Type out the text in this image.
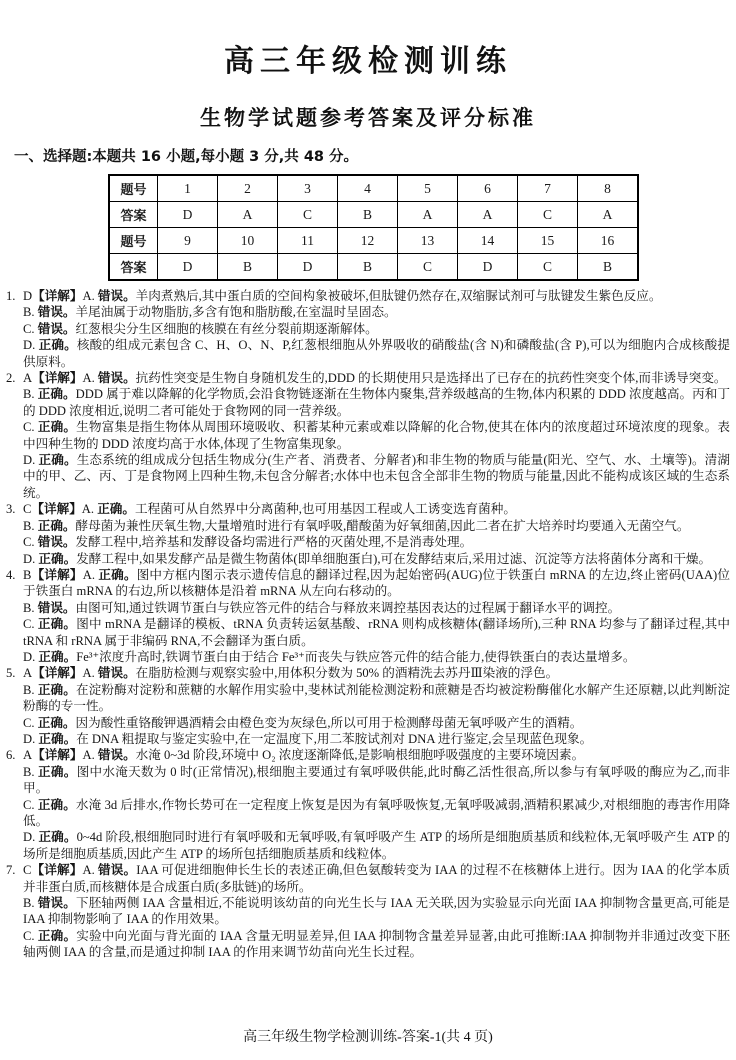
高三年级检测训练
生物学试题参考答案及评分标准
一、选择题:本题共 16 小题,每小题 3 分,共 48 分。
题号	1	2	3	4	5	6	7	8
答案	D	A	C	B	A	A	C	A
题号	9	10	11	12	13	14	15	16
答案	D	B	D	B	C	D	C	B

1. D【详解】A. 错误。羊肉煮熟后,其中蛋白质的空间构象被破坏,但肽键仍然存在,双缩脲试剂可与肽键发生紫色反应。

B. 错误。羊尾油属于动物脂肪,多含有饱和脂肪酸,在室温时呈固态。

C. 错误。红葱根尖分生区细胞的核膜在有丝分裂前期逐渐解体。

D. 正确。核酸的组成元素包含 C、H、O、N、P,红葱根细胞从外界吸收的硝酸盐(含 N)和磷酸盐(含 P),可以为细胞内合成核酸提供原料。

2. A【详解】A. 错误。抗药性突变是生物自身随机发生的,DDD 的长期使用只是选择出了已存在的抗药性突变个体,而非诱导突变。

B. 正确。DDD 属于难以降解的化学物质,会沿食物链逐渐在生物体内聚集,营养级越高的生物,体内积累的 DDD 浓度越高。丙和丁的 DDD 浓度相近,说明二者可能处于食物网的同一营养级。

C. 正确。生物富集是指生物体从周围环境吸收、积蓄某种元素或难以降解的化合物,使其在体内的浓度超过环境浓度的现象。表中四种生物的 DDD 浓度均高于水体,体现了生物富集现象。

D. 正确。生态系统的组成成分包括生物成分(生产者、消费者、分解者)和非生物的物质与能量(阳光、空气、水、土壤等)。清湖中的甲、乙、丙、丁是食物网上四种生物,未包含分解者;水体中也未包含全部非生物的物质与能量,因此不能构成该区域的生态系统。

3. C【详解】A. 正确。工程菌可从自然界中分离菌种,也可用基因工程或人工诱变选育菌种。

B. 正确。酵母菌为兼性厌氧生物,大量增殖时进行有氧呼吸,醋酸菌为好氧细菌,因此二者在扩大培养时均要通入无菌空气。

C. 错误。发酵工程中,培养基和发酵设备均需进行严格的灭菌处理,不是消毒处理。

D. 正确。发酵工程中,如果发酵产品是微生物菌体(即单细胞蛋白),可在发酵结束后,采用过滤、沉淀等方法将菌体分离和干燥。

4. B【详解】A. 正确。图中方框内图示表示遗传信息的翻译过程,因为起始密码(AUG)位于铁蛋白 mRNA 的左边,终止密码(UAA)位于铁蛋白 mRNA 的右边,所以核糖体是沿着 mRNA 从左向右移动的。

B. 错误。由图可知,通过铁调节蛋白与铁应答元件的结合与释放来调控基因表达的过程属于翻译水平的调控。

C. 正确。图中 mRNA 是翻译的模板、tRNA 负责转运氨基酸、rRNA 则构成核糖体(翻译场所),三种 RNA 均参与了翻译过程,其中 tRNA 和 rRNA 属于非编码 RNA,不会翻译为蛋白质。

D. 正确。Fe³⁺浓度升高时,铁调节蛋白由于结合 Fe³⁺而丧失与铁应答元件的结合能力,使得铁蛋白的表达量增多。

5. A【详解】A. 错误。在脂肪检测与观察实验中,用体积分数为 50% 的酒精洗去苏丹Ⅲ染液的浮色。

B. 正确。在淀粉酶对淀粉和蔗糖的水解作用实验中,斐林试剂能检测淀粉和蔗糖是否均被淀粉酶催化水解产生还原糖,以此判断淀粉酶的专一性。

C. 正确。因为酸性重铬酸钾遇酒精会由橙色变为灰绿色,所以可用于检测酵母菌无氧呼吸产生的酒精。

D. 正确。在 DNA 粗提取与鉴定实验中,在一定温度下,用二苯胺试剂对 DNA 进行鉴定,会呈现蓝色现象。

6. A【详解】A. 错误。水淹 0~3d 阶段,环境中 O₂ 浓度逐渐降低,是影响根细胞呼吸强度的主要环境因素。

B. 正确。图中水淹天数为 0 时(正常情况),根细胞主要通过有氧呼吸供能,此时酶乙活性很高,所以参与有氧呼吸的酶应为乙,而非甲。

C. 正确。水淹 3d 后排水,作物长势可在一定程度上恢复是因为有氧呼吸恢复,无氧呼吸减弱,酒精积累减少,对根细胞的毒害作用降低。

D. 正确。0~4d 阶段,根细胞同时进行有氧呼吸和无氧呼吸,有氧呼吸产生 ATP 的场所是细胞质基质和线粒体,无氧呼吸产生 ATP 的场所是细胞质基质,因此产生 ATP 的场所包括细胞质基质和线粒体。

7. C【详解】A. 错误。IAA 可促进细胞伸长生长的表述正确,但色氨酸转变为 IAA 的过程不在核糖体上进行。因为 IAA 的化学本质并非蛋白质,而核糖体是合成蛋白质(多肽链)的场所。

B. 错误。下胚轴两侧 IAA 含量相近,不能说明该幼苗的向光生长与 IAA 无关联,因为实验显示向光面 IAA 抑制物含量更高,可能是 IAA 抑制物影响了 IAA 的作用效果。

C. 正确。实验中向光面与背光面的 IAA 含量无明显差异,但 IAA 抑制物含量差异显著,由此可推断:IAA 抑制物并非通过改变下胚轴两侧 IAA 的含量,而是通过抑制 IAA 的作用来调节幼苗向光生长过程。

高三年级生物学检测训练-答案-1(共 4 页)
